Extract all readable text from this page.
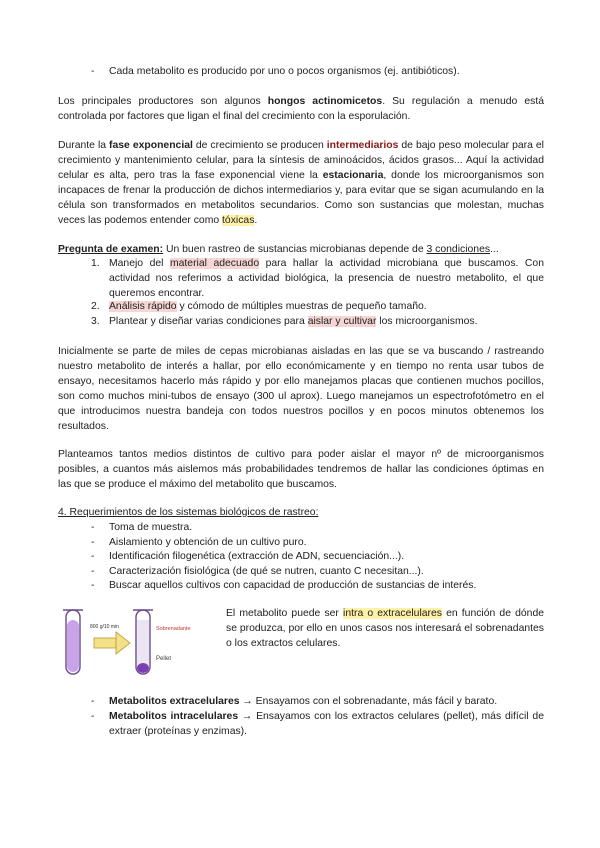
- Cada metabolito es producido por uno o pocos organismos (ej. antibióticos).

Los principales productores son algunos hongos actinomicetos. Su regulación a menudo está controlada por factores que ligan el final del crecimiento con la esporulación.

Durante la fase exponencial de crecimiento se producen intermediarios de bajo peso molecular para el crecimiento y mantenimiento celular, para la síntesis de aminoácidos, ácidos grasos... Aquí la actividad celular es alta, pero tras la fase exponencial viene la estacionaria, donde los microorganismos son incapaces de frenar la producción de dichos intermediarios y, para evitar que se sigan acumulando en la célula son transformados en metabolitos secundarios. Como son sustancias que molestan, muchas veces las podemos entender como tóxicas.

Pregunta de examen: Un buen rastreo de sustancias microbianas depende de 3 condiciones...

1. Manejo del material adecuado para hallar la actividad microbiana que buscamos. Con actividad nos referimos a actividad biológica, la presencia de nuestro metabolito, el que queremos encontrar.
2. Análisis rápido y cómodo de múltiples muestras de pequeño tamaño.
3. Plantear y diseñar varias condiciones para aislar y cultivar los microorganismos.

Inicialmente se parte de miles de cepas microbianas aisladas en las que se va buscando / rastreando nuestro metabolito de interés a hallar, por ello económicamente y en tiempo no renta usar tubos de ensayo, necesitamos hacerlo más rápido y por ello manejamos placas que contienen muchos pocillos, son como muchos mini-tubos de ensayo (300 ul aprox). Luego manejamos un espectrofotómetro en el que introducimos nuestra bandeja con todos nuestros pocillos y en pocos minutos obtenemos los resultados.

Planteamos tantos medios distintos de cultivo para poder aislar el mayor nº de microorganismos posibles, a cuantos más aislemos más probabilidades tendremos de hallar las condiciones óptimas en las que se produce el máximo del metabolito que buscamos.

4. Requerimientos de los sistemas biológicos de rastreo:

- Toma de muestra.
- Aislamiento y obtención de un cultivo puro.
- Identificación filogenética (extracción de ADN, secuenciación...).
- Caracterización fisiológica (de qué se nutren, cuanto C necesitan...).
- Buscar aquellos cultivos con capacidad de producción de sustancias de interés.
800 g/10 min	Sobrenadante
Pellet

El metabolito puede ser intra o extracelulares en función de dónde se produzca, por ello en unos casos nos interesará el sobrenadantes o los extractos celulares.

- Metabolitos extracelulares → Ensayamos con el sobrenadante, más fácil y barato.
- Metabolitos intracelulares → Ensayamos con los extractos celulares (pellet), más difícil de extraer (proteínas y enzimas).
